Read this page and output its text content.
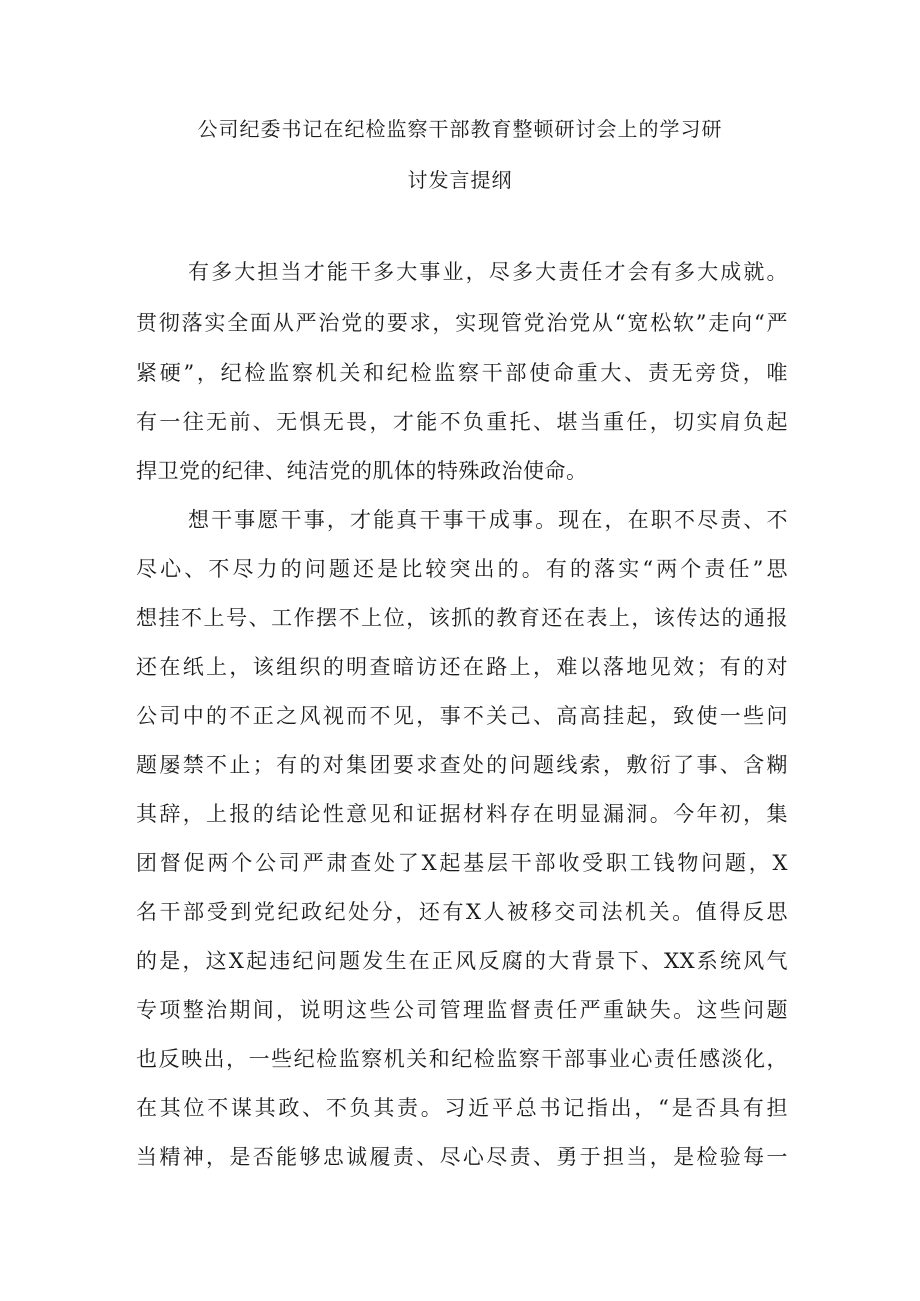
公司纪委书记在纪检监察干部教育整顿研讨会上的学习研
讨发言提纲
有多大担当才能干多大事业，尽多大责任才会有多大成就。
贯彻落实全面从严治党的要求，实现管党治党从“宽松软”走向“严
紧硬”，纪检监察机关和纪检监察干部使命重大、责无旁贷，唯
有一往无前、无惧无畏，才能不负重托、堪当重任，切实肩负起
捍卫党的纪律、纯洁党的肌体的特殊政治使命。
想干事愿干事，才能真干事干成事。现在，在职不尽责、不
尽心、不尽力的问题还是比较突出的。有的落实“两个责任”思
想挂不上号、工作摆不上位，该抓的教育还在表上，该传达的通报
还在纸上，该组织的明查暗访还在路上，难以落地见效；有的对
公司中的不正之风视而不见，事不关己、高高挂起，致使一些问
题屡禁不止；有的对集团要求查处的问题线索，敷衍了事、含糊
其辞，上报的结论性意见和证据材料存在明显漏洞。今年初，集
团督促两个公司严肃查处了X起基层干部收受职工钱物问题，X
名干部受到党纪政纪处分，还有X人被移交司法机关。值得反思
的是，这X起违纪问题发生在正风反腐的大背景下、XX系统风气
专项整治期间，说明这些公司管理监督责任严重缺失。这些问题
也反映出，一些纪检监察机关和纪检监察干部事业心责任感淡化，
在其位不谋其政、不负其责。习近平总书记指出，“是否具有担
当精神，是否能够忠诚履责、尽心尽责、勇于担当，是检验每一
